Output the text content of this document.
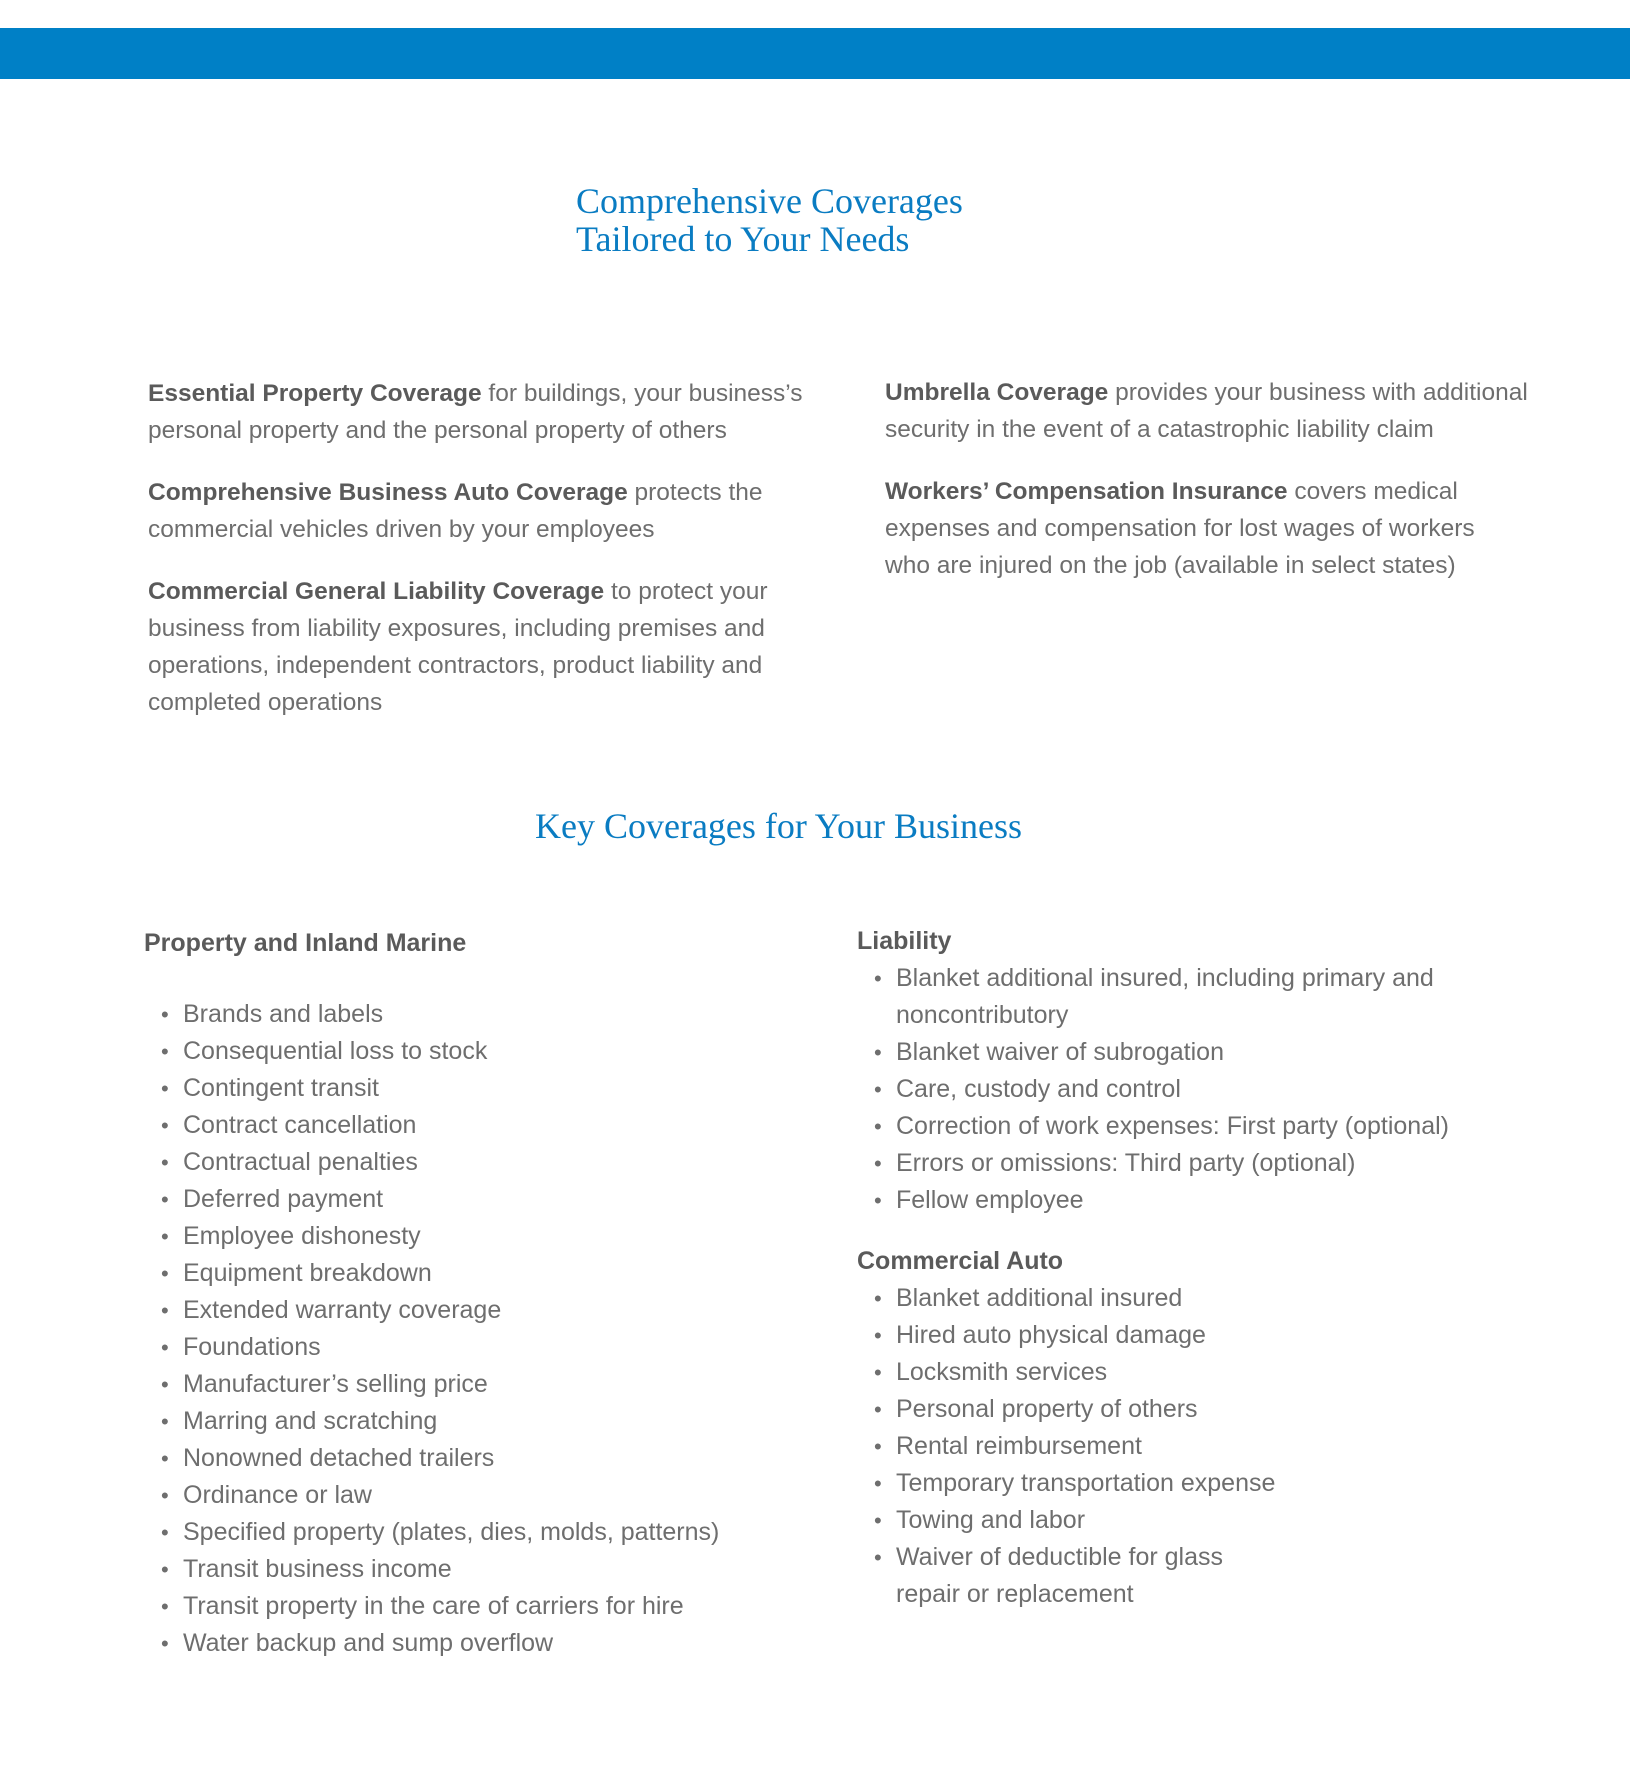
Comprehensive Coverages
Tailored to Your Needs

Essential Property Coverage for buildings, your business’s
personal property and the personal property of others

Comprehensive Business Auto Coverage protects the
commercial vehicles driven by your employees

Commercial General Liability Coverage to protect your
business from liability exposures, including premises and
operations, independent contractors, product liability and
completed operations

Umbrella Coverage provides your business with additional
security in the event of a catastrophic liability claim

Workers’ Compensation Insurance covers medical
expenses and compensation for lost wages of workers
who are injured on the job (available in select states)

Key Coverages for Your Business
Property and Inland Marine
• Brands and labels
• Consequential loss to stock
• Contingent transit
• Contract cancellation
• Contractual penalties
• Deferred payment
• Employee dishonesty
• Equipment breakdown
• Extended warranty coverage
• Foundations
• Manufacturer’s selling price
• Marring and scratching
• Nonowned detached trailers
• Ordinance or law
• Specified property (plates, dies, molds, patterns)
• Transit business income
• Transit property in the care of carriers for hire
• Water backup and sump overflow
Liability
• Blanket additional insured, including primary and
noncontributory
• Blanket waiver of subrogation
• Care, custody and control
• Correction of work expenses: First party (optional)
• Errors or omissions: Third party (optional)
• Fellow employee
Commercial Auto
• Blanket additional insured
• Hired auto physical damage
• Locksmith services
• Personal property of others
• Rental reimbursement
• Temporary transportation expense
• Towing and labor
• Waiver of deductible for glass
repair or replacement
